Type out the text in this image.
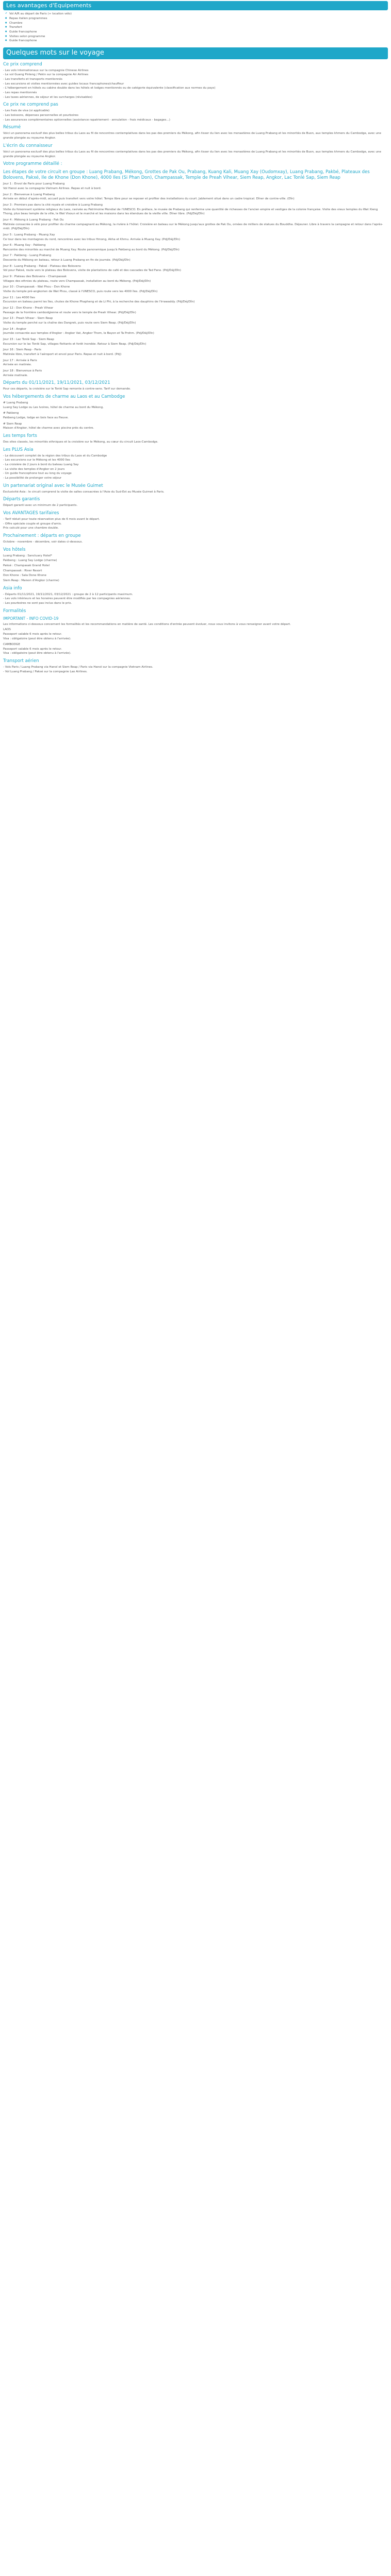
Les avantages d'Equipements
✔ Vol A/R au départ de Paris (+ location vélo)
● Repas italien programmes
● Chambre
● Transfert
● Guide francophone
● Visites selon programme
● Guide francophone
Quelques mots sur le voyage
Ce prix comprend

- Les vols internationaux sur la compagnie Chinese Airlines

- Le vol Guang Pinleng / Pekin sur la compagnie Air Airlines

- Les transferts et transports mentionnés

- Les excursions et visites mentionnées avec guides locaux francophones/chauffeur

- L'hébergement en hôtels ou cabine double dans les hôtels et lodges mentionnés ou de catégorie équivalente (classification aux normes du pays)

- Les repas mentionnés

- Les taxes aériennes, de séjour et les surcharges (révisables)

Ce prix ne comprend pas

- Les frais de visa (si applicable)

- Les boissons, dépenses personnelles et pourboires

- Les assurances complémentaires optionnelles (assistance rapatriement - annulation - frais médicaux - bagages...)

Résumé

Voici un panorama exclusif des plus belles tribus du Laos au fil de rencontres contemplatives dans les pas des premiers du Mékong, afin tisser du lien avec les monastères de Luang Prabang et les minorités de Buon, aux temples khmers du Cambodge, avec une grande plongée au royaume Angkor.

L'écrin du connaisseur

Voici un panorama exclusif des plus belles tribus du Laos au fil de rencontres contemplatives dans les pas des premiers du Mékong, afin tisser du lien avec les monastères de Luang Prabang et les minorités de Buon, aux temples khmers du Cambodge, avec une grande plongée au royaume Angkor.

Votre programme détaillé :
Les étapes de votre circuit en groupe : Luang Prabang, Mékong, Grottes de Pak Ou, Prabang, Kuang Kali, Muang Xay (Oudomxay), Luang Prabang, Pakbé, Plateaux des Bolovens, Pakxé, Ile de Khone (Don Khone), 4000 Iles (Si Phan Don), Champassak, Temple de Preah Vihear, Siem Reap, Angkor, Lac Tonlé Sap, Siem Reap

Jour 1 : Envol de Paris pour Luang Prabang
Vol Hanoi avec la compagnie Vietnam Airlines. Repas et nuit à bord.

Jour 2 : Bienvenue à Luang Prabang
Arrivée en début d'après-midi, accueil puis transfert vers votre hôtel. Temps libre pour se reposer et profiter des installations du court. Jablement situé dans un cadre tropical. Dîner de contre-ville. (Dîn)

Jour 3 : Premiers pas dans la cité royale et croisière à Luang Prabang
Visite du foisonnant système religieux du Laos, ravivée au Patrimoine Mondial de l'UNESCO. En préface, le musée de Prabang qui renferme une quantité de richesses de l'ancien empire et vestiges de la colonie française. Visite des vieux temples du Wat Xieng Thong, plus beau temple de la ville, le Wat Visoun et le marché et les maisons dans les étendues de la vieille ville. Dîner libre. (Pdj/Déj/Dîn)

Jour 4 : Mékong à Luang Prabang - Pak Ou
Matinée consacrée à vélo pour profiter du charme campagnard au Mékong, la rivière à l'hôtel. Croisière en bateau sur le Mékong jusqu'aux grottes de Pak Ou, ornées de milliers de statues du Bouddha. Déjeuner. Libre à travers la campagne et retour dans l'après-midi. (Pdj/Déj/Dîn)

Jour 5 : Luang Prabang - Muang Xay
Ce tour dans les montagnes du nord, rencontres avec les tribus Hmong, Akha et Khmu. Arrivée à Muang Xay. (Pdj/Déj/Dîn)

Jour 6 : Muang Xay - Pakbeng
Rencontre des minorités au marché de Muang Xay. Route panoramique jusqu'à Pakbeng au bord du Mékong. (Pdj/Déj/Dîn)

Jour 7 : Pakbeng - Luang Prabang
Descente du Mékong en bateau, retour à Luang Prabang en fin de journée. (Pdj/Déj/Dîn)

Jour 8 : Luang Prabang - Paksé - Plateau des Bolovens
Vol pour Paksé, route vers le plateau des Bolovens, visite de plantations de café et des cascades de Tad Fane. (Pdj/Déj/Dîn)

Jour 9 : Plateau des Bolovens - Champassak
Villages des ethnies du plateau, route vers Champassak, installation au bord du Mékong. (Pdj/Déj/Dîn)

Jour 10 : Champassak - Wat Phou - Don Khone
Visite du temple pré-angkorien de Wat Phou, classé à l'UNESCO, puis route vers les 4000 îles. (Pdj/Déj/Dîn)

Jour 11 : Les 4000 îles
Excursion en bateau parmi les îles, chutes de Khone Phapheng et de Li Phi, à la recherche des dauphins de l'Irrawaddy. (Pdj/Déj/Dîn)

Jour 12 : Don Khone - Preah Vihear
Passage de la frontière cambodgienne et route vers le temple de Preah Vihear. (Pdj/Déj/Dîn)

Jour 13 : Preah Vihear - Siem Reap
Visite du temple perché sur la chaîne des Dangrek, puis route vers Siem Reap. (Pdj/Déj/Dîn)

Jour 14 : Angkor
Journée consacrée aux temples d'Angkor : Angkor Vat, Angkor Thom, le Bayon et Ta Prohm. (Pdj/Déj/Dîn)

Jour 15 : Lac Tonlé Sap - Siem Reap
Excursion sur le lac Tonlé Sap, villages flottants et forêt inondée. Retour à Siem Reap. (Pdj/Déj/Dîn)

Jour 16 : Siem Reap - Paris
Matinée libre, transfert à l'aéroport et envol pour Paris. Repas et nuit à bord. (Pdj)

Jour 17 : Arrivée à Paris
Arrivée en matinée.

Jour 18 : Bienvenue à Paris
Arrivée matinale.

Départs du 01/11/2021, 19/11/2021, 03/12/2021

Pour ces départs, la croisière sur le Tonlé Sap remonte à contre-sens. Tarif sur demande.

Vos hébergements de charme au Laos et au Cambodge

# Luang Prabang
Luang Say Lodge ou Les Ivoires, hôtel de charme au bord du Mékong.

# Pakbeng
Pakbeng Lodge, lodge en bois face au fleuve.

# Siem Reap
Maison d'Angkor, hôtel de charme avec piscine près du centre.

Les temps forts

Des sites classés, les minorités ethniques et la croisière sur le Mékong, au cœur du circuit Laos-Cambodge.

Les PLUS Asia

- Le découvert complet de la région des tribus du Laos et du Cambodge

- Les excursions sur le Mékong et les 4000 îles

- La croisière de 2 jours à bord du bateau Luang Say

- La visite des temples d'Angkor en 2 jours

- Un guide francophone tout au long du voyage

- La possibilité de prolonger votre séjour

Un partenariat original avec le Musée Guimet

Exclusivité Asia : le circuit comprend la visite de salles consacrées à l'Asie du Sud-Est au Musée Guimet à Paris.

Départs garantis

Départ garanti avec un minimum de 2 participants.

Vos AVANTAGES tarifaires

- Tarif réduit pour toute réservation plus de 6 mois avant le départ.
- Offre spéciale couple et groupe d'amis.
Prix calculé pour une chambre double.

Prochainement : départs en groupe

Octobre - novembre - décembre, voir dates ci-dessous.

Vos hôtels

Luang Prabang : Sanctuary Hotel*

Pakbeng : Luang Say Lodge (charme)

Paksé : Champasak Grand Hotel

Champassak : River Resort

Don Khone : Sala Done Khone

Siem Reap : Maison d'Angkor (charme)

Asia info

- Départs 01/11/2021, 19/11/2021, 03/12/2021 : groupe de 2 à 12 participants maximum.
- Les vols intérieurs et les horaires peuvent être modifiés par les compagnies aériennes.
- Les pourboires ne sont pas inclus dans le prix.

Formalités
IMPORTANT - INFO COVID-19

Les informations ci-dessous concernent les formalités et les recommandations en matière de santé. Les conditions d'entrée peuvent évoluer, nous vous invitons à vous renseigner avant votre départ.

LAOS
Passeport valable 6 mois après le retour.
Visa : obligatoire (peut être obtenu à l'arrivée).

CAMBODGE
Passeport valable 6 mois après le retour.
Visa : obligatoire (peut être obtenu à l'arrivée).

Transport aérien

- Vols Paris / Luang Prabang via Hanoï et Siem Reap / Paris via Hanoï sur la compagnie Vietnam Airlines.
- Vol Luang Prabang / Paksé sur la compagnie Lao Airlines.
